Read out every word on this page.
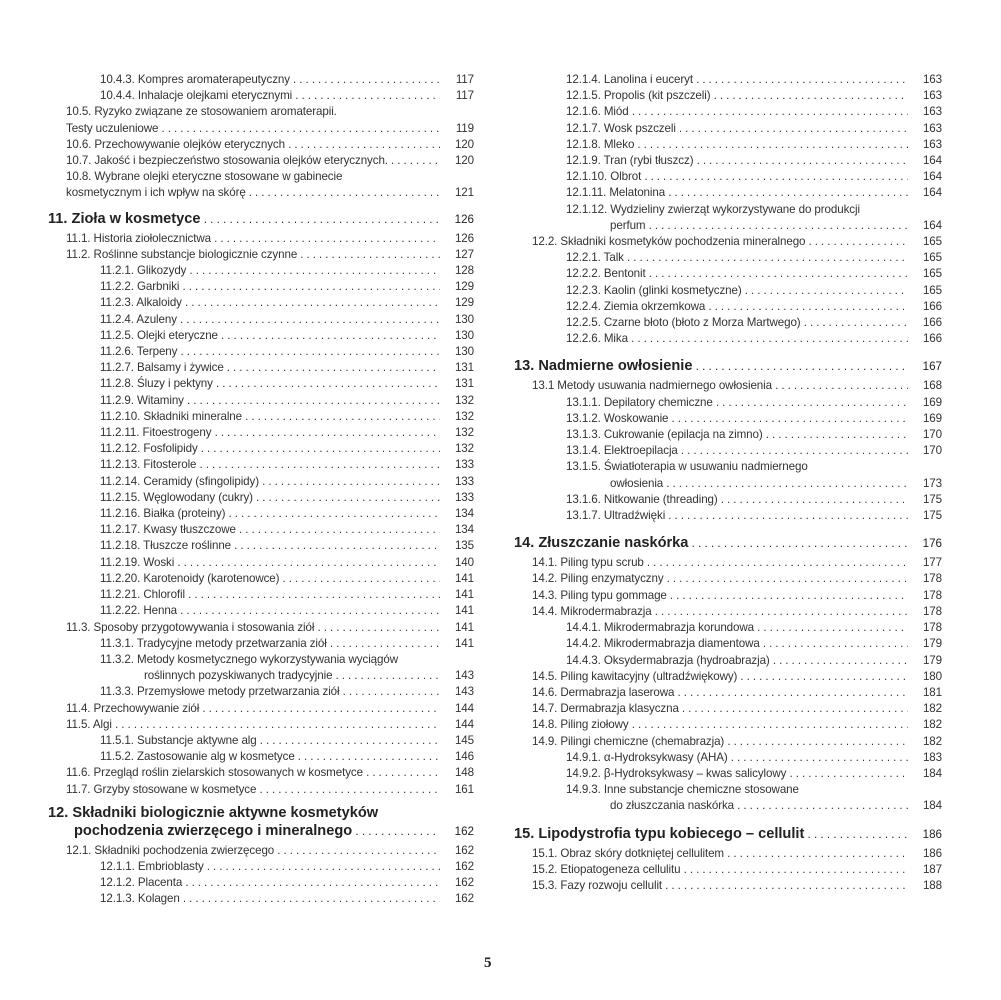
10.4.3. Kompres aromaterapeutyczny . . .	117
10.4.4. Inhalacje olejkami eterycznymi . . .	117
10.5. Ryzyko związane ze stosowaniem aromaterapii.
Testy uczuleniowe . . .	119
10.6. Przechowywanie olejków eterycznych . . .	120
10.7. Jakość i bezpieczeństwo stosowania olejków eterycznych. . . .	120
10.8. Wybrane olejki eteryczne stosowane w gabinecie
kosmetycznym i ich wpływ na skórę . . .	121
11. Zioła w kosmetyce . . .	126
11.1. Historia ziołolecznictwa . . .	126
11.2. Roślinne substancje biologicznie czynne . . .	127
11.2.1. Glikozydy . . .	128
11.2.2. Garbniki . . .	129
11.2.3. Alkaloidy . . .	129
11.2.4. Azuleny . . .	130
11.2.5. Olejki eteryczne . . .	130
11.2.6. Terpeny . . .	130
11.2.7. Balsamy i żywice . . .	131
11.2.8. Śluzy i pektyny . . .	131
11.2.9. Witaminy . . .	132
11.2.10. Składniki mineralne . . .	132
11.2.11. Fitoestrogeny . . .	132
11.2.12. Fosfolipidy . . .	132
11.2.13. Fitosterole . . .	133
11.2.14. Ceramidy (sfingolipidy) . . .	133
11.2.15. Węglowodany (cukry) . . .	133
11.2.16. Białka (proteiny) . . .	134
11.2.17. Kwasy tłuszczowe . . .	134
11.2.18. Tłuszcze roślinne . . .	135
11.2.19. Woski . . .	140
11.2.20. Karotenoidy (karotenowce) . . .	141
11.2.21. Chlorofil . . .	141
11.2.22. Henna . . .	141
11.3. Sposoby przygotowywania i stosowania ziół . . .	141
11.3.1. Tradycyjne metody przetwarzania ziół . . .	141
11.3.2. Metody kosmetycznego wykorzystywania wyciągów
roślinnych pozyskiwanych tradycyjnie . . .	143
11.3.3. Przemysłowe metody przetwarzania ziół . . .	143
11.4. Przechowywanie ziół . . .	144
11.5. Algi . . .	144
11.5.1. Substancje aktywne alg . . .	145
11.5.2. Zastosowanie alg w kosmetyce . . .	146
11.6. Przegląd roślin zielarskich stosowanych w kosmetyce . . .	148
11.7. Grzyby stosowane w kosmetyce . . .	161
12. Składniki biologicznie aktywne kosmetyków
pochodzenia zwierzęcego i mineralnego . . .	162
12.1. Składniki pochodzenia zwierzęcego . . .	162
12.1.1. Embrioblasty . . .	162
12.1.2. Placenta . . .	162
12.1.3. Kolagen . . .	162
12.1.4. Lanolina i euceryt . . .	163
12.1.5. Propolis (kit pszczeli) . . .	163
12.1.6. Miód . . .	163
12.1.7. Wosk pszczeli . . .	163
12.1.8. Mleko . . .	163
12.1.9. Tran (rybi tłuszcz) . . .	164
12.1.10. Olbrot . . .	164
12.1.11. Melatonina . . .	164
12.1.12. Wydzieliny zwierząt wykorzystywane do produkcji
perfum . . .	164
12.2. Składniki kosmetyków pochodzenia mineralnego . . .	165
12.2.1. Talk . . .	165
12.2.2. Bentonit . . .	165
12.2.3. Kaolin (glinki kosmetyczne) . . .	165
12.2.4. Ziemia okrzemkowa . . .	166
12.2.5. Czarne błoto (błoto z Morza Martwego) . . .	166
12.2.6. Mika . . .	166
13. Nadmierne owłosienie . . .	167
13.1 Metody usuwania nadmiernego owłosienia . . .	168
13.1.1. Depilatory chemiczne . . .	169
13.1.2. Woskowanie . . .	169
13.1.3. Cukrowanie (epilacja na zimno) . . .	170
13.1.4. Elektroepilacja . . .	170
13.1.5. Światłoterapia w usuwaniu nadmiernego
owłosienia . . .	173
13.1.6. Nitkowanie (threading) . . .	175
13.1.7. Ultradźwięki . . .	175
14. Złuszczanie naskórka . . .	176
14.1. Piling typu scrub . . .	177
14.2. Piling enzymatyczny . . .	178
14.3. Piling typu gommage . . .	178
14.4. Mikrodermabrazja . . .	178
14.4.1. Mikrodermabrazja korundowa . . .	178
14.4.2. Mikrodermabrazja diamentowa . . .	179
14.4.3. Oksydermabrazja (hydroabrazja) . . .	179
14.5. Piling kawitacyjny (ultradźwiękowy) . . .	180
14.6. Dermabrazja laserowa . . .	181
14.7. Dermabrazja klasyczna . . .	182
14.8. Piling ziołowy . . .	182
14.9. Pilingi chemiczne (chemabrazja) . . .	182
14.9.1. α-Hydroksykwasy (AHA) . . .	183
14.9.2. β-Hydroksykwasy – kwas salicylowy . . .	184
14.9.3. Inne substancje chemiczne stosowane
do złuszczania naskórka . . .	184
15. Lipodystrofia typu kobiecego – cellulit . . .	186
15.1. Obraz skóry dotkniętej cellulitem . . .	186
15.2. Etiopatogeneza cellulitu . . .	187
15.3. Fazy rozwoju cellulit . . .	188
5
